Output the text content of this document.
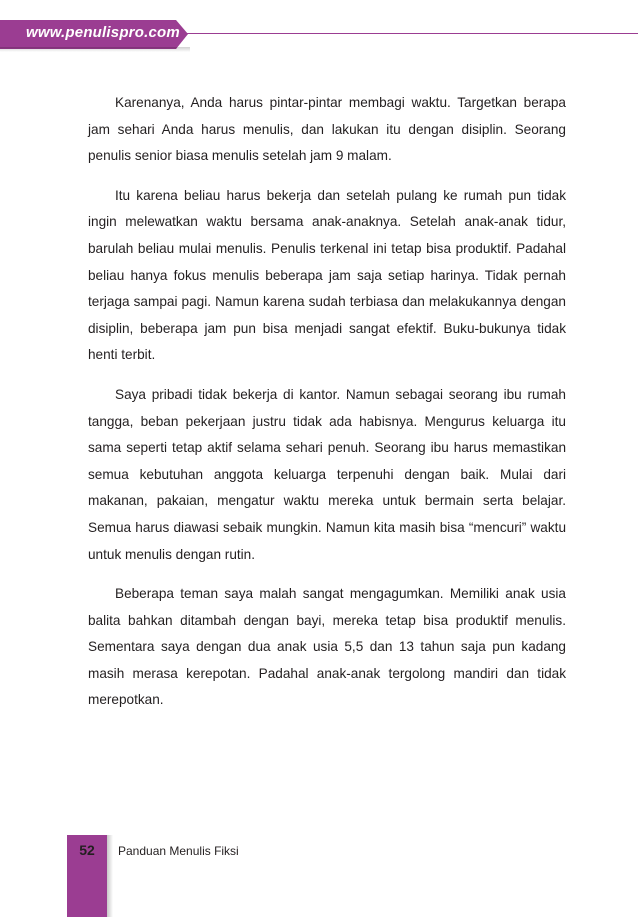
www.penulispro.com

Karenanya, Anda harus pintar-pintar membagi waktu. Targetkan berapa jam sehari Anda harus menulis, dan lakukan itu dengan disiplin. Seorang penulis senior biasa menulis setelah jam 9 malam.

Itu karena beliau harus bekerja dan setelah pulang ke rumah pun tidak ingin melewatkan waktu bersama anak-anaknya. Setelah anak-anak tidur, barulah beliau mulai menulis. Penulis terkenal ini tetap bisa produktif. Padahal beliau hanya fokus menulis beberapa jam saja setiap harinya. Tidak pernah terjaga sampai pagi. Namun karena sudah terbiasa dan melakukannya dengan disiplin, beberapa jam pun bisa menjadi sangat efektif. Buku-bukunya tidak henti terbit.

Saya pribadi tidak bekerja di kantor. Namun sebagai seorang ibu rumah tangga, beban pekerjaan justru tidak ada habisnya. Mengurus keluarga itu sama seperti tetap aktif selama sehari penuh. Seorang ibu harus memastikan semua kebutuhan anggota keluarga terpenuhi dengan baik. Mulai dari makanan, pakaian, mengatur waktu mereka untuk bermain serta belajar. Semua harus diawasi sebaik mungkin. Namun kita masih bisa “mencuri” waktu untuk menulis dengan rutin.

Beberapa teman saya malah sangat mengagumkan. Memiliki anak usia balita bahkan ditambah dengan bayi, mereka tetap bisa produktif menulis. Sementara saya dengan dua anak usia 5,5 dan 13 tahun saja pun kadang masih merasa kerepotan. Padahal anak-anak tergolong mandiri dan tidak merepotkan.

52	Panduan Menulis Fiksi
